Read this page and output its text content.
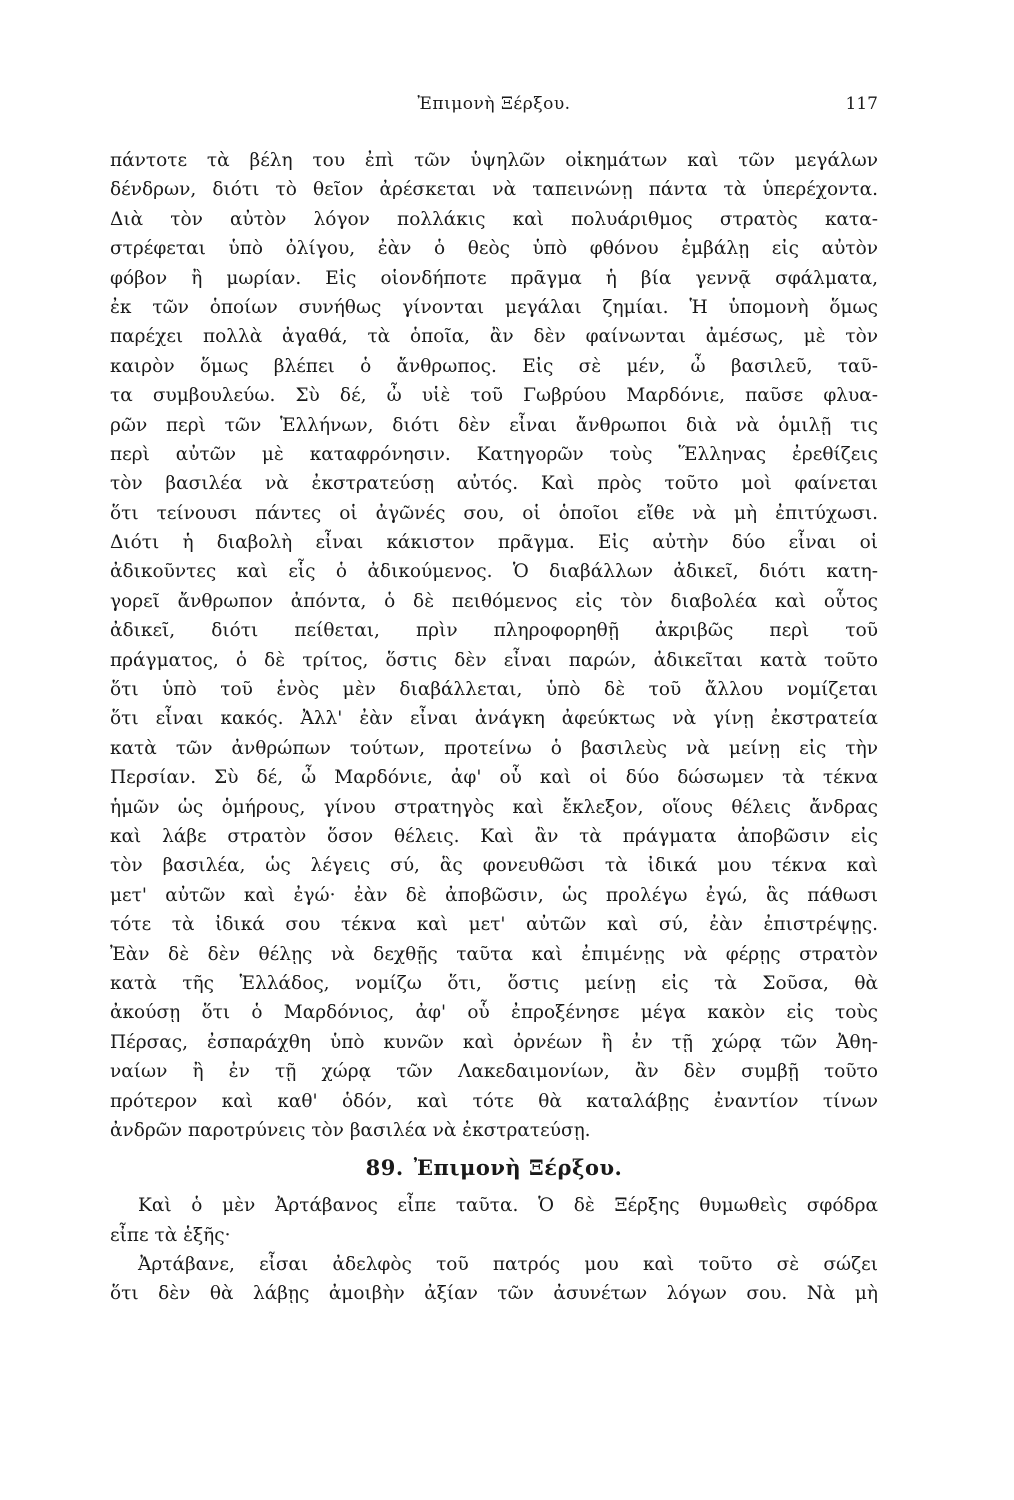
Ἐπιμονὴ Ξέρξου.	117
πάντοτε τὰ βέλη του ἐπὶ τῶν ὑψηλῶν οἰκημάτων καὶ τῶν μεγάλων
δένδρων, διότι τὸ θεῖον ἀρέσκεται νὰ ταπεινώνῃ πάντα τὰ ὑπερέχοντα.
Διὰ τὸν αὐτὸν λόγον πολλάκις καὶ πολυάριθμος στρατὸς κατα-
στρέφεται ὑπὸ ὀλίγου, ἐὰν ὁ θεὸς ὑπὸ φθόνου ἐμβάλῃ εἰς αὐτὸν
φόβον ἢ μωρίαν. Εἰς οἱονδήποτε πρᾶγμα ἡ βία γεννᾷ σφάλματα,
ἐκ τῶν ὁποίων συνήθως γίνονται μεγάλαι ζημίαι. Ἡ ὑπομονὴ ὅμως
παρέχει πολλὰ ἀγαθά, τὰ ὁποῖα, ἂν δὲν φαίνωνται ἀμέσως, μὲ τὸν
καιρὸν ὅμως βλέπει ὁ ἄνθρωπος. Εἰς σὲ μέν, ὦ βασιλεῦ, ταῦ-
τα συμβουλεύω. Σὺ δέ, ὦ υἱὲ τοῦ Γωβρύου Μαρδόνιε, παῦσε φλυα-
ρῶν περὶ τῶν Ἑλλήνων, διότι δὲν εἶναι ἄνθρωποι διὰ νὰ ὁμιλῇ τις
περὶ αὐτῶν μὲ καταφρόνησιν. Κατηγορῶν τοὺς Ἕλληνας ἐρεθίζεις
τὸν βασιλέα νὰ ἐκστρατεύσῃ αὐτός. Καὶ πρὸς τοῦτο μοὶ φαίνεται
ὅτι τείνουσι πάντες οἱ ἀγῶνές σου, οἱ ὁποῖοι εἴθε νὰ μὴ ἐπιτύχωσι.
Διότι ἡ διαβολὴ εἶναι κάκιστον πρᾶγμα. Εἰς αὐτὴν δύο εἶναι οἱ
ἀδικοῦντες καὶ εἷς ὁ ἀδικούμενος. Ὁ διαβάλλων ἀδικεῖ, διότι κατη-
γορεῖ ἄνθρωπον ἀπόντα, ὁ δὲ πειθόμενος εἰς τὸν διαβολέα καὶ οὗτος
ἀδικεῖ, διότι πείθεται, πρὶν πληροφορηθῇ ἀκριβῶς περὶ τοῦ
πράγματος, ὁ δὲ τρίτος, ὅστις δὲν εἶναι παρών, ἀδικεῖται κατὰ τοῦτο
ὅτι ὑπὸ τοῦ ἑνὸς μὲν διαβάλλεται, ὑπὸ δὲ τοῦ ἄλλου νομίζεται
ὅτι εἶναι κακός. Ἀλλ' ἐὰν εἶναι ἀνάγκη ἀφεύκτως νὰ γίνῃ ἐκστρατεία
κατὰ τῶν ἀνθρώπων τούτων, προτείνω ὁ βασιλεὺς νὰ μείνῃ εἰς τὴν
Περσίαν. Σὺ δέ, ὦ Μαρδόνιε, ἀφ' οὗ καὶ οἱ δύο δώσωμεν τὰ τέκνα
ἡμῶν ὡς ὁμήρους, γίνου στρατηγὸς καὶ ἔκλεξον, οἵους θέλεις ἄνδρας
καὶ λάβε στρατὸν ὅσον θέλεις. Καὶ ἂν τὰ πράγματα ἀποβῶσιν εἰς
τὸν βασιλέα, ὡς λέγεις σύ, ἃς φονευθῶσι τὰ ἰδικά μου τέκνα καὶ
μετ' αὐτῶν καὶ ἐγώ· ἐὰν δὲ ἀποβῶσιν, ὡς προλέγω ἐγώ, ἃς πάθωσι
τότε τὰ ἰδικά σου τέκνα καὶ μετ' αὐτῶν καὶ σύ, ἐὰν ἐπιστρέψῃς.
Ἐὰν δὲ δὲν θέλῃς νὰ δεχθῇς ταῦτα καὶ ἐπιμένῃς νὰ φέρῃς στρατὸν
κατὰ τῆς Ἑλλάδος, νομίζω ὅτι, ὅστις μείνῃ εἰς τὰ Σοῦσα, θὰ
ἀκούσῃ ὅτι ὁ Μαρδόνιος, ἀφ' οὗ ἐπροξένησε μέγα κακὸν εἰς τοὺς
Πέρσας, ἐσπαράχθη ὑπὸ κυνῶν καὶ ὀρνέων ἢ ἐν τῇ χώρᾳ τῶν Ἀθη-
ναίων ἢ ἐν τῇ χώρᾳ τῶν Λακεδαιμονίων, ἂν δὲν συμβῇ τοῦτο
πρότερον καὶ καθ' ὁδόν, καὶ τότε θὰ καταλάβῃς ἐναντίον τίνων
ἀνδρῶν παροτρύνεις τὸν βασιλέα νὰ ἐκστρατεύσῃ.
89. Ἐπιμονὴ Ξέρξου.
Καὶ ὁ μὲν Ἀρτάβανος εἶπε ταῦτα. Ὁ δὲ Ξέρξης θυμωθεὶς σφόδρα
εἶπε τὰ ἑξῆς·
Ἀρτάβανε, εἶσαι ἀδελφὸς τοῦ πατρός μου καὶ τοῦτο σὲ σώζει
ὅτι δὲν θὰ λάβῃς ἀμοιβὴν ἀξίαν τῶν ἀσυνέτων λόγων σου. Νὰ μὴ
